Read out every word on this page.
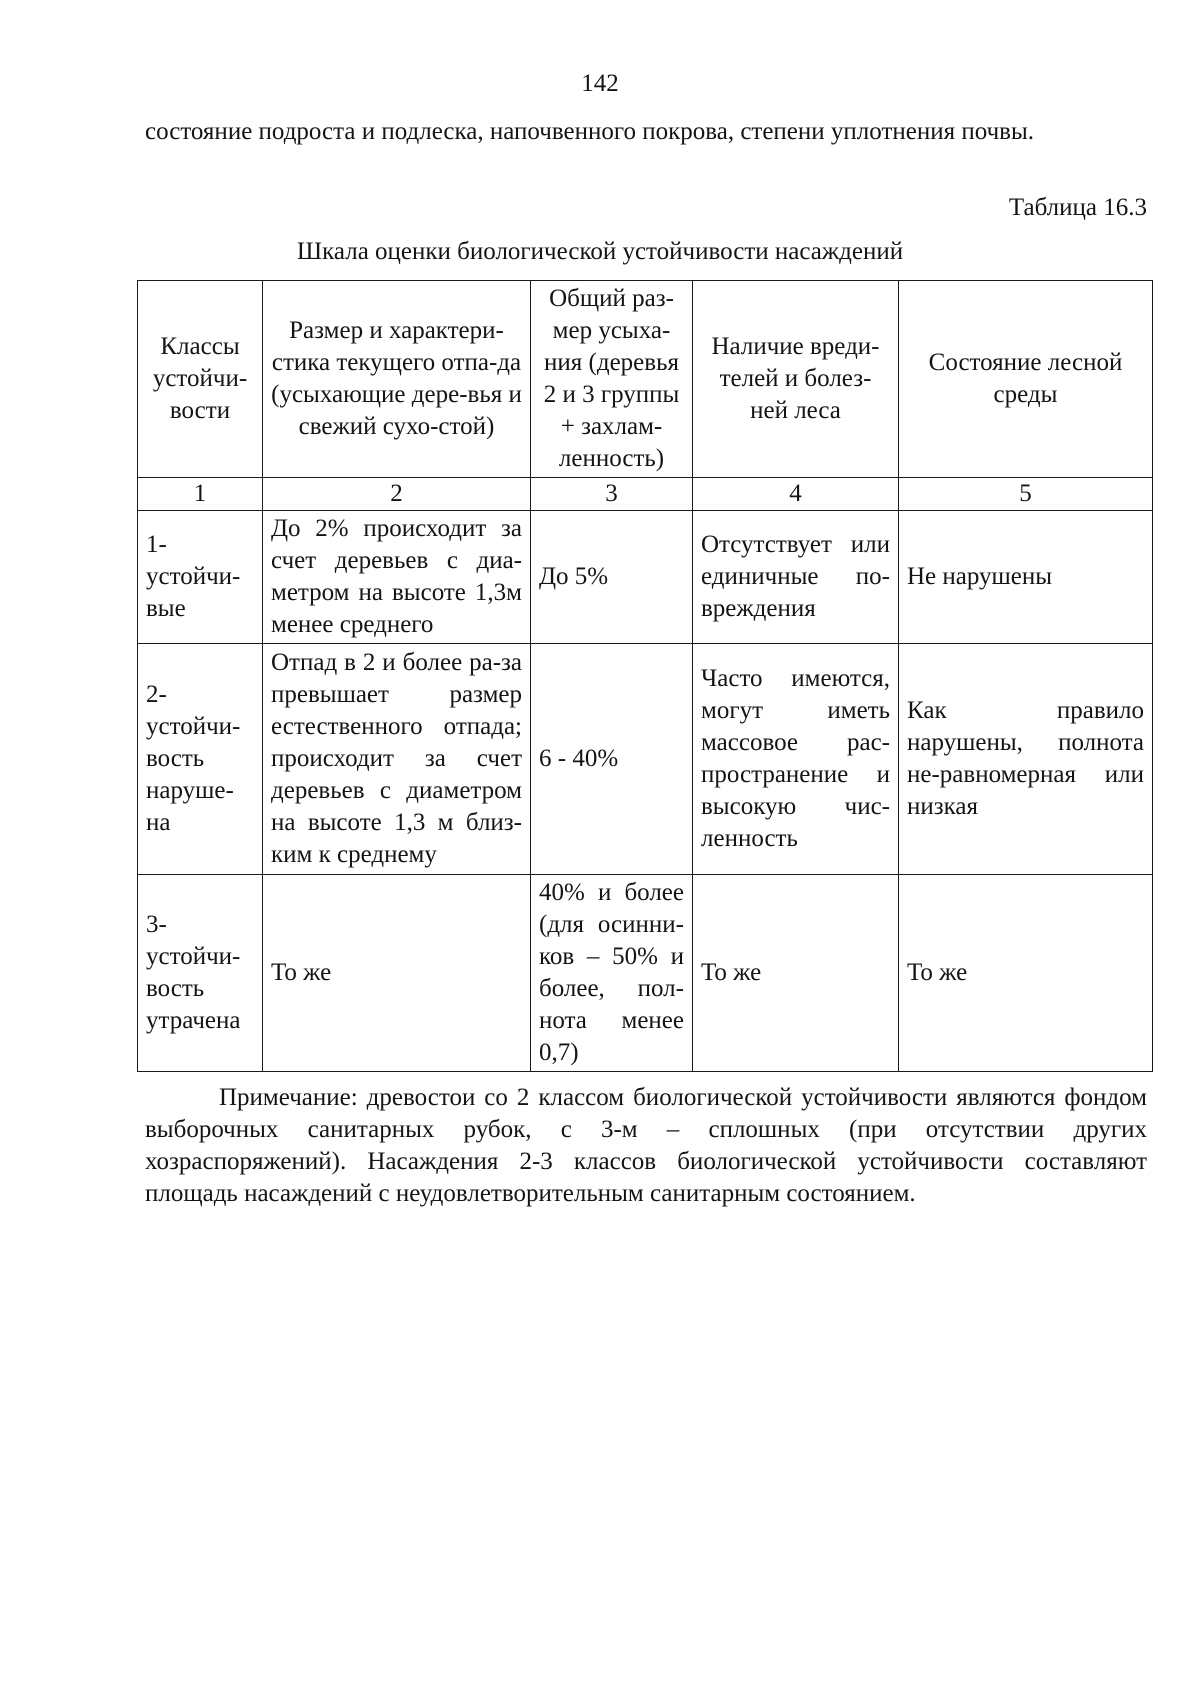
142

состояние подроста и подлеска, напочвенного покрова, степени уплотнения почвы.

Таблица 16.3
Шкала оценки биологической устойчивости насаждений
Классы устойчи-вости	Размер и характери-стика текущего отпа-да (усыхающие дере-вья и свежий сухо-стой)	Общий раз-мер усыха-ния (деревья 2 и 3 группы + захлам-ленность)	Наличие вреди-телей и болез-ней леса	Состояние лесной среды
1	2	3	4	5
1-устойчи-вые	До 2% происходит за счет деревьев с диа-метром на высоте 1,3м менее среднего	До 5%	Отсутствует или единичные по-вреждения	Не нарушены
2-устойчи-вость наруше-на	Отпад в 2 и более ра-за превышает размер естественного отпада; происходит за счет деревьев с диаметром на высоте 1,3 м близ-ким к среднему	6 - 40%	Часто имеются, могут иметь массовое рас-пространение и высокую чис-ленность	Как правило нарушены, полнота не-равномерная или низкая
3-устойчи-вость утрачена	То же	40% и более (для осинни-ков – 50% и более, пол-нота менее 0,7)	То же	То же

Примечание: древостои со 2 классом биологической устойчивости являются фондом выборочных санитарных рубок, с 3-м – сплошных (при отсутствии других хозраспоряжений). Насаждения 2-3 классов биологической устойчивости составляют площадь насаждений с неудовлетворительным санитарным состоянием.
